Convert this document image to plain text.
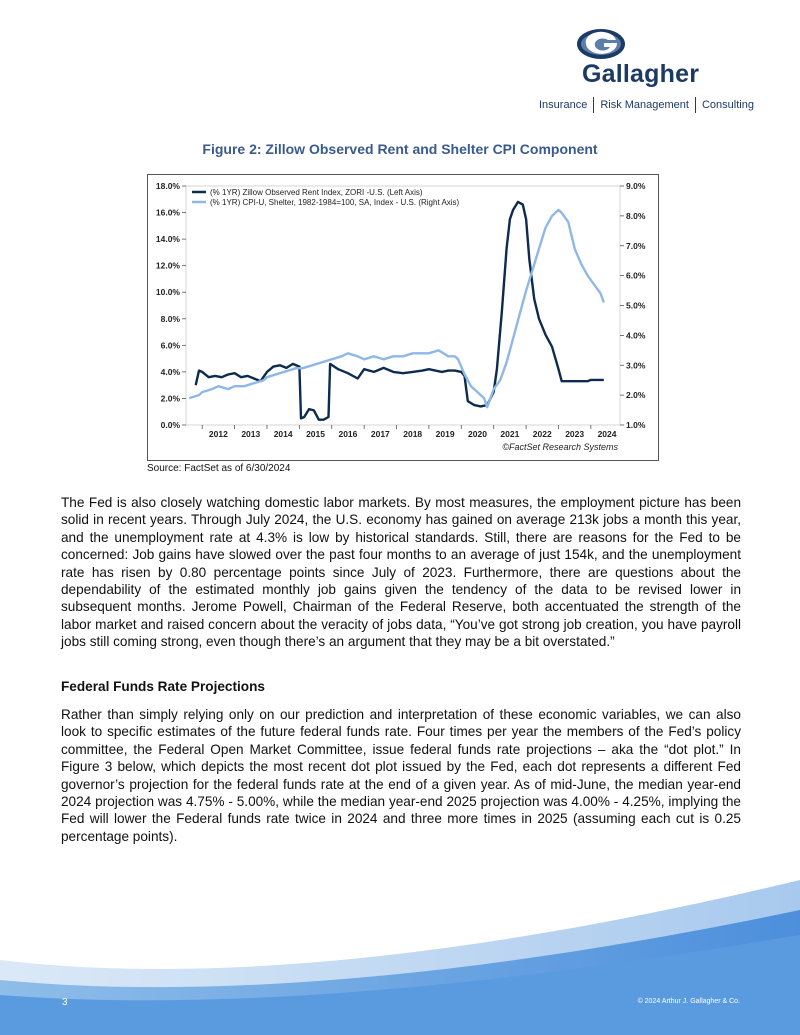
Gallagher
Insurance Risk Management Consulting
Figure 2: Zillow Observed Rent and Shelter CPI Component
0.0%
2.0%
4.0%
6.0%
8.0%
10.0%
12.0%
14.0%
16.0%
18.0%
1.0%
2.0%
3.0%
4.0%
5.0%
6.0%
7.0%
8.0%
9.0%
2012 2013 2014 2015 2016 2017 2018 2019 2020 2021 2022 2023 2024
(% 1YR) Zillow Observed Rent Index, ZORI -U.S. (Left Axis)
(% 1YR) CPI-U, Shelter, 1982-1984=100, SA, Index - U.S. (Right Axis)
©FactSet Research Systems
Source: FactSet as of 6/30/2024
The Fed is also closely watching domestic labor markets. By most measures, the employment picture has been solid in recent years. Through July 2024, the U.S. economy has gained on average 213k jobs a month this year, and the unemployment rate at 4.3% is low by historical standards. Still, there are reasons for the Fed to be concerned: Job gains have slowed over the past four months to an average of just 154k, and the unemployment rate has risen by 0.80 percentage points since July of 2023. Furthermore, there are questions about the dependability of the estimated monthly job gains given the tendency of the data to be revised lower in subsequent months. Jerome Powell, Chairman of the Federal Reserve, both accentuated the strength of the labor market and raised concern about the veracity of jobs data, “You’ve got strong job creation, you have payroll jobs still coming strong, even though there’s an argument that they may be a bit overstated.”
Federal Funds Rate Projections
Rather than simply relying only on our prediction and interpretation of these economic variables, we can also look to specific estimates of the future federal funds rate. Four times per year the members of the Fed’s policy committee, the Federal Open Market Committee, issue federal funds rate projections – aka the “dot plot.” In Figure 3 below, which depicts the most recent dot plot issued by the Fed, each dot represents a different Fed governor’s projection for the federal funds rate at the end of a given year. As of mid-June, the median year-end 2024 projection was 4.75% - 5.00%, while the median year-end 2025 projection was 4.00% - 4.25%, implying the Fed will lower the Federal funds rate twice in 2024 and three more times in 2025 (assuming each cut is 0.25 percentage points).
3	© 2024 Arthur J. Gallagher & Co.
